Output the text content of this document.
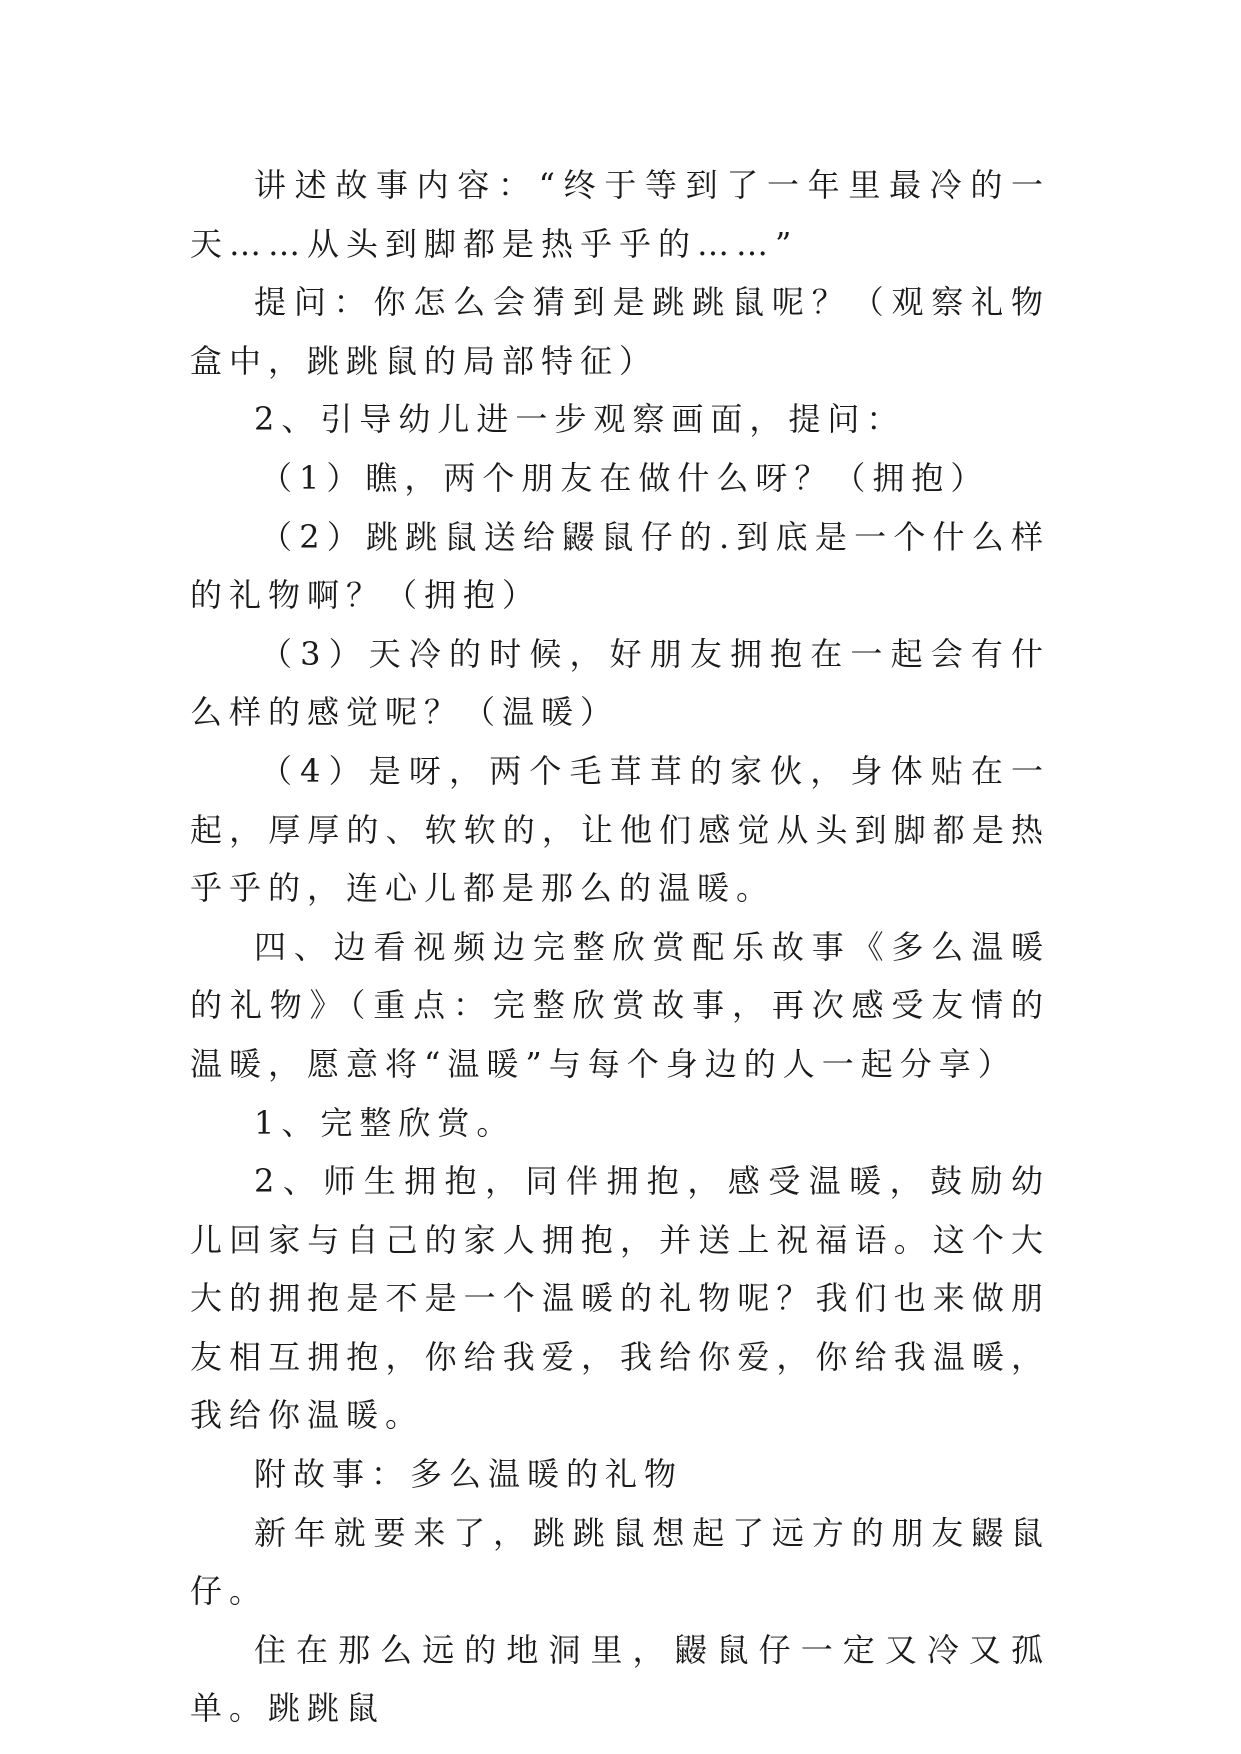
讲述故事内容：“终于等到了一年里最冷的一天……从头到脚都是热乎乎的……”

提问：你怎么会猜到是跳跳鼠呢？（观察礼物盒中，跳跳鼠的局部特征）

2、引导幼儿进一步观察画面，提问：

（1）瞧，两个朋友在做什么呀？（拥抱）

（2）跳跳鼠送给鼹鼠仔的.到底是一个什么样的礼物啊？（拥抱）

（3）天冷的时候，好朋友拥抱在一起会有什么样的感觉呢？（温暖）

（4）是呀，两个毛茸茸的家伙，身体贴在一起，厚厚的、软软的，让他们感觉从头到脚都是热乎乎的，连心儿都是那么的温暖。

四、边看视频边完整欣赏配乐故事《多么温暖的礼物》（重点：完整欣赏故事，再次感受友情的温暖，愿意将“温暖”与每个身边的人一起分享）

1、完整欣赏。

2、师生拥抱，同伴拥抱，感受温暖，鼓励幼儿回家与自己的家人拥抱，并送上祝福语。这个大大的拥抱是不是一个温暖的礼物呢？我们也来做朋友相互拥抱，你给我爱，我给你爱，你给我温暖，我给你温暖。

附故事：多么温暖的礼物

新年就要来了，跳跳鼠想起了远方的朋友鼹鼠仔。

住在那么远的地洞里，鼹鼠仔一定又冷又孤单。跳跳鼠
